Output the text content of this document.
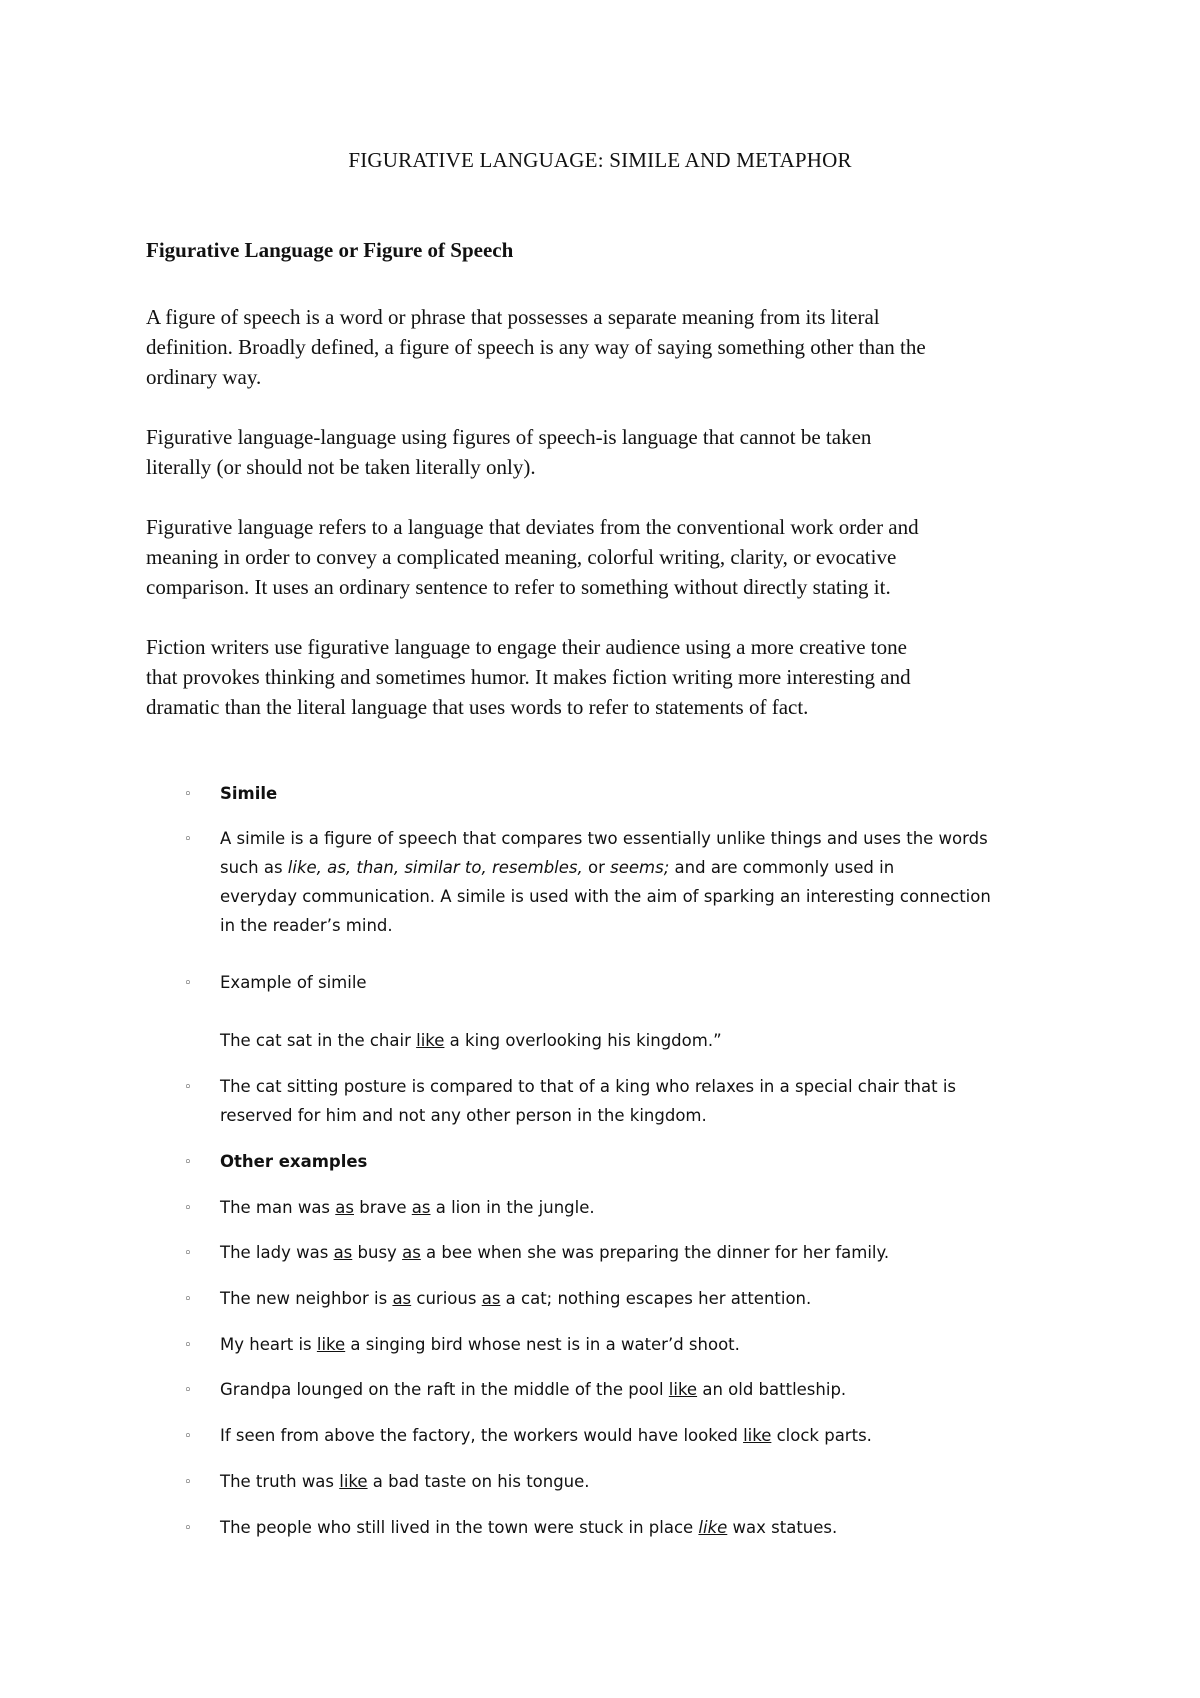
FIGURATIVE LANGUAGE: SIMILE AND METAPHOR
Figurative Language or Figure of Speech
A figure of speech is a word or phrase that possesses a separate meaning from its literal
definition. Broadly defined, a figure of speech is any way of saying something other than the
ordinary way.
Figurative language-language using figures of speech-is language that cannot be taken
literally (or should not be taken literally only).
Figurative language refers to a language that deviates from the conventional work order and
meaning in order to convey a complicated meaning, colorful writing, clarity, or evocative
comparison. It uses an ordinary sentence to refer to something without directly stating it.
Fiction writers use figurative language to engage their audience using a more creative tone
that provokes thinking and sometimes humor. It makes fiction writing more interesting and
dramatic than the literal language that uses words to refer to statements of fact.
◦ Simile
◦ A simile is a figure of speech that compares two essentially unlike things and uses the words
such as like, as, than, similar to, resembles, or seems; and are commonly used in
everyday communication. A simile is used with the aim of sparking an interesting connection
in the reader’s mind.
◦ Example of simile
The cat sat in the chair like a king overlooking his kingdom.”
◦ The cat sitting posture is compared to that of a king who relaxes in a special chair that is
reserved for him and not any other person in the kingdom.
◦ Other examples
◦ The man was as brave as a lion in the jungle.
◦ The lady was as busy as a bee when she was preparing the dinner for her family.
◦ The new neighbor is as curious as a cat; nothing escapes her attention.
◦ My heart is like a singing bird whose nest is in a water’d shoot.
◦ Grandpa lounged on the raft in the middle of the pool like an old battleship.
◦ If seen from above the factory, the workers would have looked like clock parts.
◦ The truth was like a bad taste on his tongue.
◦ The people who still lived in the town were stuck in place like wax statues.
